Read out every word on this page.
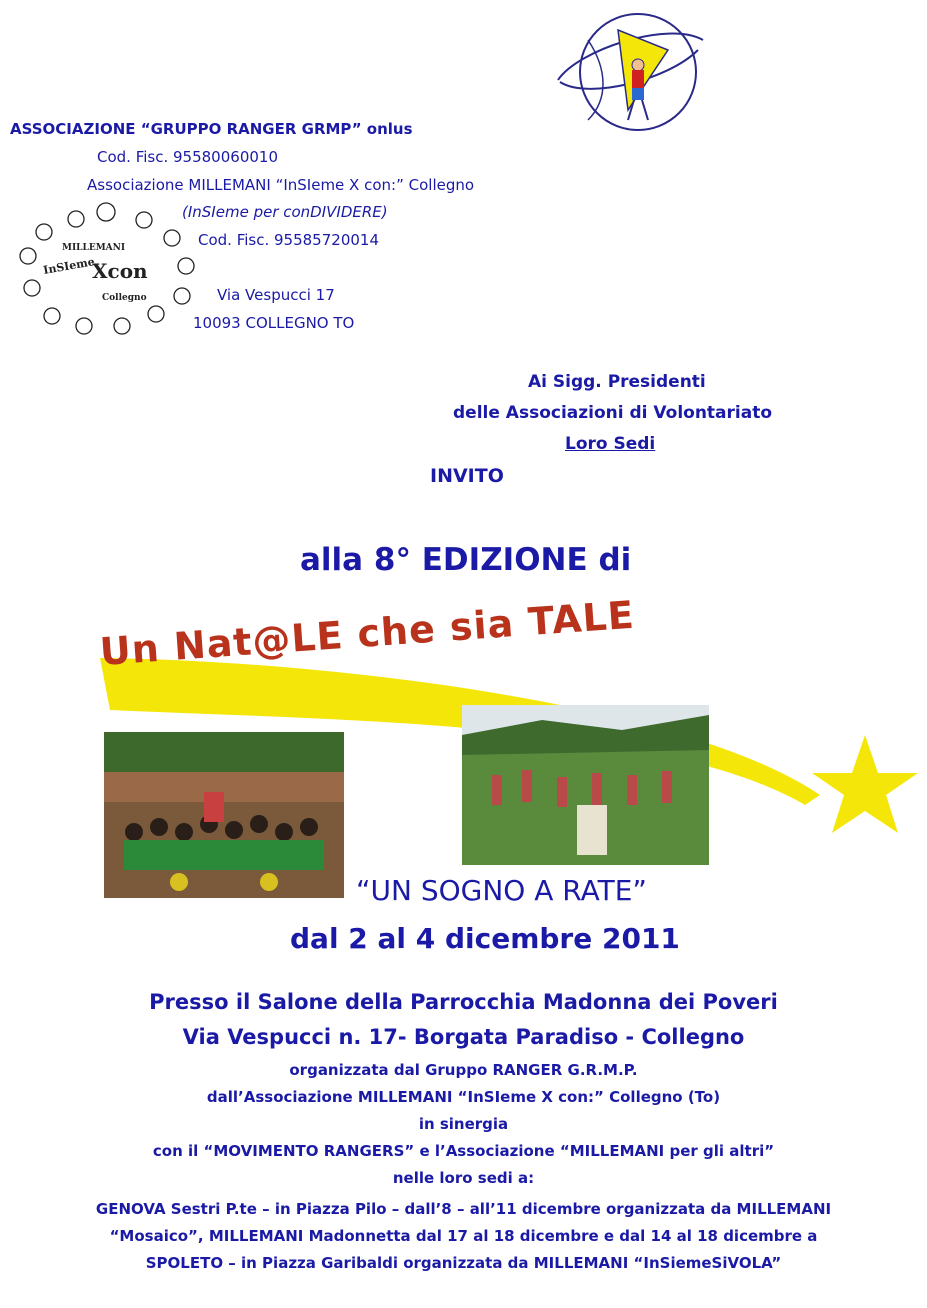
MILLEMANI
InSIeme
Xcon
Collegno
ASSOCIAZIONE “GRUPPO RANGER GRMP” onlus
Cod. Fisc. 95580060010
Associazione MILLEMANI “InSIeme X con:” Collegno
(InSIeme per conDIVIDERE)
Cod. Fisc. 95585720014
Via Vespucci 17
10093 COLLEGNO TO
Ai Sigg. Presidenti
delle Associazioni di Volontariato
Loro Sedi
INVITO
alla 8° EDIZIONE di
Un Nat@LE che sia TALE
“UN SOGNO A RATE”
dal 2 al 4 dicembre 2011
Presso il Salone della Parrocchia Madonna dei Poveri
Via Vespucci n. 17- Borgata Paradiso - Collegno
organizzata dal Gruppo RANGER G.R.M.P.
dall’Associazione MILLEMANI “InSIeme X con:” Collegno (To)
in sinergia
con il “MOVIMENTO RANGERS” e l’Associazione “MILLEMANI per gli altri”
nelle loro sedi a:
GENOVA Sestri P.te – in Piazza Pilo – dall’8 – all’11 dicembre organizzata da MILLEMANI
“Mosaico”, MILLEMANI Madonnetta dal 17 al 18 dicembre e dal 14 al 18 dicembre a
SPOLETO – in Piazza Garibaldi organizzata da MILLEMANI “InSiemeSiVOLA”
